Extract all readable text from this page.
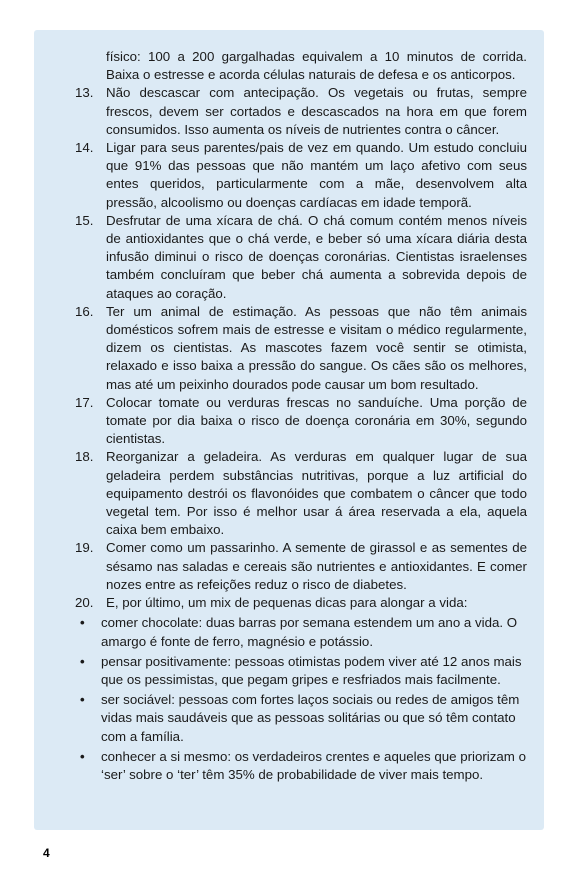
físico: 100 a 200 gargalhadas equivalem a 10 minutos de corrida. Baixa o estresse e acorda células naturais de defesa e os anticorpos.
13. Não descascar com antecipação. Os vegetais ou frutas, sempre frescos, devem ser cortados e descascados na hora em que forem consumidos. Isso aumenta os níveis de nutrientes contra o câncer.
14. Ligar para seus parentes/pais de vez em quando. Um estudo concluiu que 91% das pessoas que não mantém um laço afetivo com seus entes queridos, particularmente com a mãe, desenvolvem alta pressão, alcoolismo ou doenças cardíacas em idade temporã.
15. Desfrutar de uma xícara de chá. O chá comum contém menos níveis de antioxidantes que o chá verde, e beber só uma xícara diária desta infusão diminui o risco de doenças coronárias. Cientistas israelenses também concluíram que beber chá aumenta a sobrevida depois de ataques ao coração.
16. Ter um animal de estimação. As pessoas que não têm animais domésticos sofrem mais de estresse e visitam o médico regularmente, dizem os cientistas. As mascotes fazem você sentir se otimista, relaxado e isso baixa a pressão do sangue. Os cães são os melhores, mas até um peixinho dourados pode causar um bom resultado.
17. Colocar tomate ou verduras frescas no sanduíche. Uma porção de tomate por dia baixa o risco de doença coronária em 30%, segundo cientistas.
18. Reorganizar a geladeira. As verduras em qualquer lugar de sua geladeira perdem substâncias nutritivas, porque a luz artificial do equipamento destrói os flavonóides que combatem o câncer que todo vegetal tem. Por isso é melhor usar á área reservada a ela, aquela caixa bem embaixo.
19. Comer como um passarinho. A semente de girassol e as sementes de sésamo nas saladas e cereais são nutrientes e antioxidantes. E comer nozes entre as refeições reduz o risco de diabetes.
20. E, por último, um mix de pequenas dicas para alongar a vida:
• comer chocolate: duas barras por semana estendem um ano a vida. O amargo é fonte de ferro, magnésio e potássio.
• pensar positivamente: pessoas otimistas podem viver até 12 anos mais que os pessimistas, que pegam gripes e resfriados mais facilmente.
• ser sociável: pessoas com fortes laços sociais ou redes de amigos têm vidas mais saudáveis que as pessoas solitárias ou que só têm contato com a família.
• conhecer a si mesmo: os verdadeiros crentes e aqueles que priorizam o ‘ser’ sobre o ‘ter’ têm 35% de probabilidade de viver mais tempo.
4
